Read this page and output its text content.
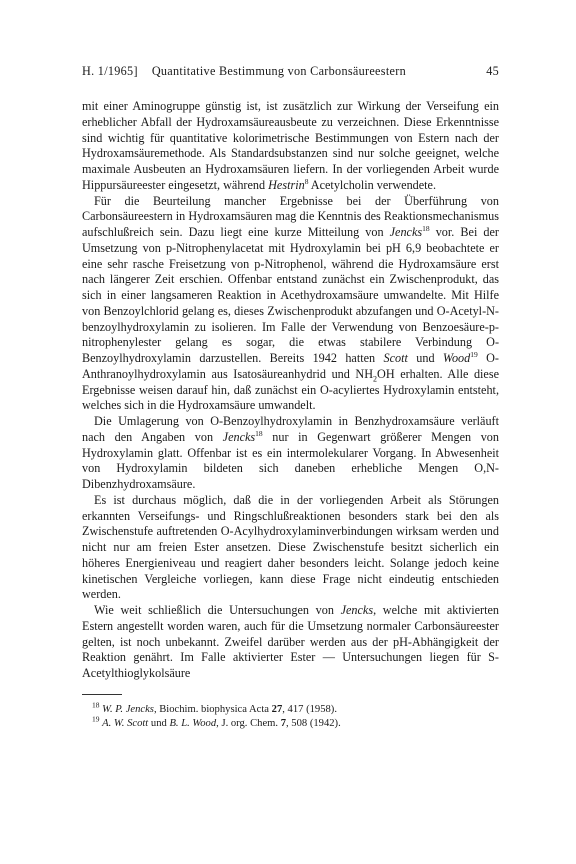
H. 1/1965] Quantitative Bestimmung von Carbonsäureestern	45

mit einer Aminogruppe günstig ist, ist zusätzlich zur Wirkung der Verseifung ein erheblicher Abfall der Hydroxamsäureausbeute zu verzeichnen. Diese Erkenntnisse sind wichtig für quantitative kolorimetrische Bestimmungen von Estern nach der Hydroxamsäuremethode. Als Standardsubstanzen sind nur solche geeignet, welche maximale Ausbeuten an Hydroxamsäuren liefern. In der vorliegenden Arbeit wurde Hippursäureester eingesetzt, während Hestrin$^8$ Acetylcholin verwendete.

Für die Beurteilung mancher Ergebnisse bei der Überführung von Carbonsäureestern in Hydroxamsäuren mag die Kenntnis des Reaktionsmechanismus aufschlußreich sein. Dazu liegt eine kurze Mitteilung von Jencks$^{18}$ vor. Bei der Umsetzung von p-Nitrophenylacetat mit Hydroxylamin bei pH 6,9 beobachtete er eine sehr rasche Freisetzung von p-Nitrophenol, während die Hydroxamsäure erst nach längerer Zeit erschien. Offenbar entstand zunächst ein Zwischenprodukt, das sich in einer langsameren Reaktion in Acethydroxamsäure umwandelte. Mit Hilfe von Benzoylchlorid gelang es, dieses Zwischenprodukt abzufangen und O-Acetyl-N-benzoylhydroxylamin zu isolieren. Im Falle der Verwendung von Benzoesäure-p-nitrophenylester gelang es sogar, die etwas stabilere Verbindung O-Benzoylhydroxylamin darzustellen. Bereits 1942 hatten Scott und Wood$^{19}$ O-Anthranoylhydroxylamin aus Isatosäureanhydrid und $NH_2OH$ erhalten. Alle diese Ergebnisse weisen darauf hin, daß zunächst ein O-acyliertes Hydroxylamin entsteht, welches sich in die Hydroxamsäure umwandelt.

Die Umlagerung von O-Benzoylhydroxylamin in Benzhydroxamsäure verläuft nach den Angaben von Jencks$^{18}$ nur in Gegenwart größerer Mengen von Hydroxylamin glatt. Offenbar ist es ein intermolekularer Vorgang. In Abwesenheit von Hydroxylamin bildeten sich daneben erhebliche Mengen O,N-Dibenzhydroxamsäure.

Es ist durchaus möglich, daß die in der vorliegenden Arbeit als Störungen erkannten Verseifungs- und Ringschlußreaktionen besonders stark bei den als Zwischenstufe auftretenden O-Acylhydroxylaminverbindungen wirksam werden und nicht nur am freien Ester ansetzen. Diese Zwischenstufe besitzt sicherlich ein höheres Energieniveau und reagiert daher besonders leicht. Solange jedoch keine kinetischen Vergleiche vorliegen, kann diese Frage nicht eindeutig entschieden werden.

Wie weit schließlich die Untersuchungen von Jencks, welche mit aktivierten Estern angestellt worden waren, auch für die Umsetzung normaler Carbonsäureester gelten, ist noch unbekannt. Zweifel darüber werden aus der pH-Abhängigkeit der Reaktion genährt. Im Falle aktivierter Ester — Untersuchungen liegen für S-Acetylthioglykolsäure

$^{18}$ W. P. Jencks, Biochim. biophysica Acta 27, 417 (1958).

$^{19}$ A. W. Scott und B. L. Wood, J. org. Chem. 7, 508 (1942).
